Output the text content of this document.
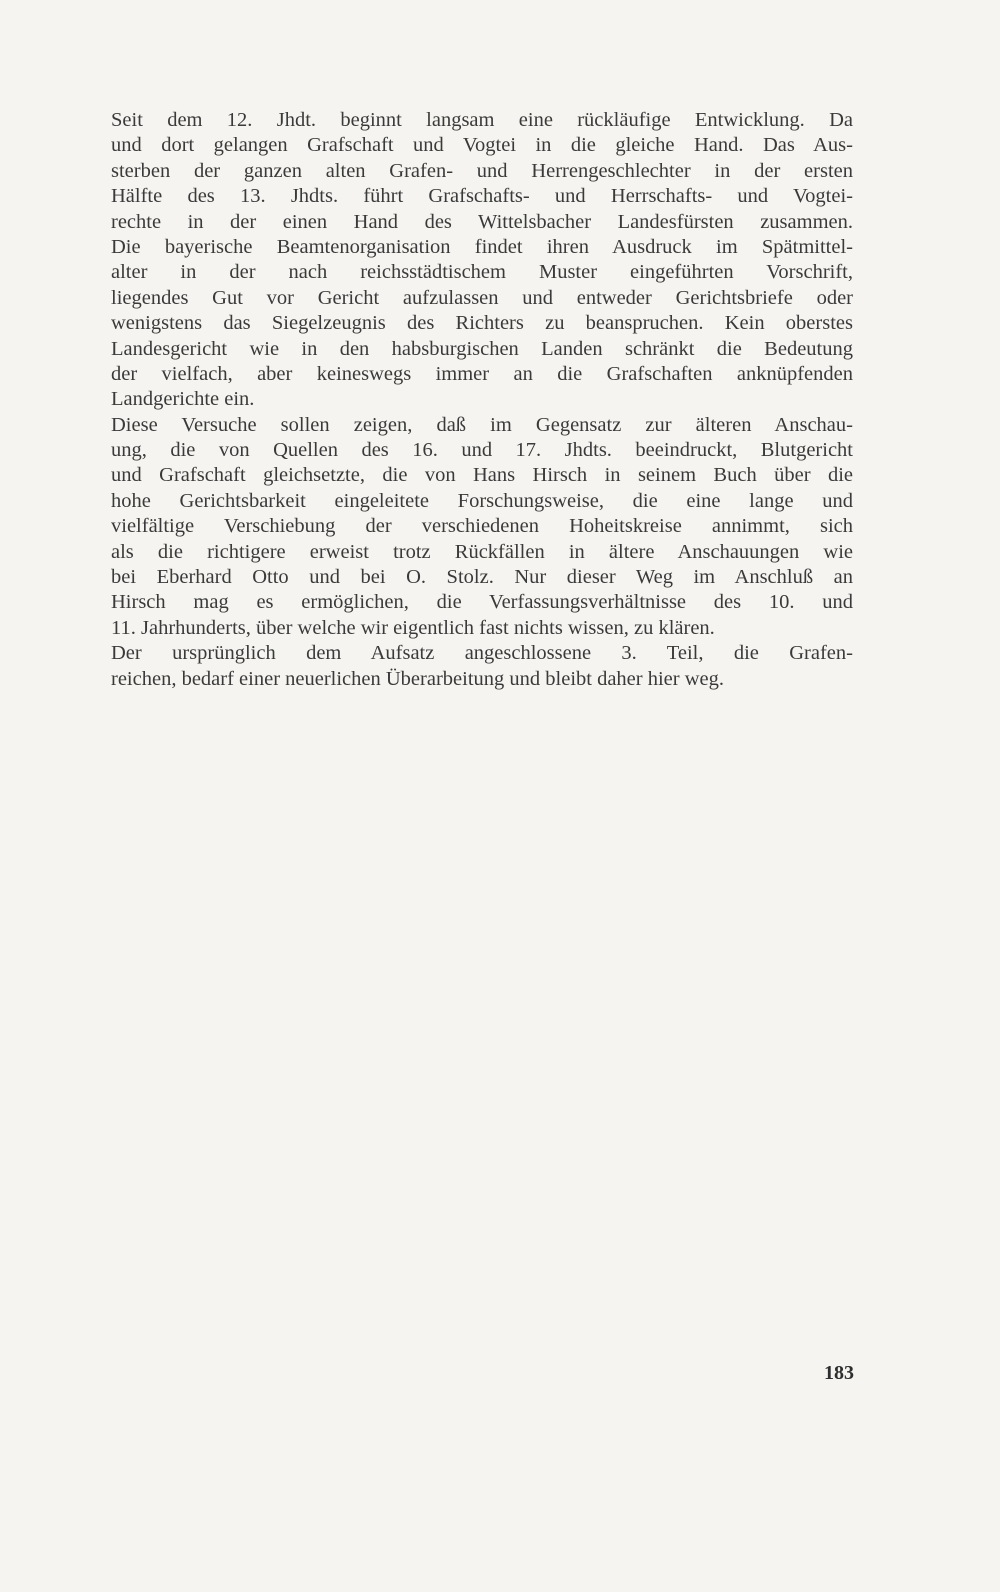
Seit dem 12. Jhdt. beginnt langsam eine rückläufige Entwicklung. Da
und dort gelangen Grafschaft und Vogtei in die gleiche Hand. Das Aus-
sterben der ganzen alten Grafen- und Herrengeschlechter in der ersten
Hälfte des 13. Jhdts. führt Grafschafts- und Herrschafts- und Vogtei-
rechte in der einen Hand des Wittelsbacher Landesfürsten zusammen.
Die bayerische Beamtenorganisation findet ihren Ausdruck im Spätmittel-
alter in der nach reichsstädtischem Muster eingeführten Vorschrift,
liegendes Gut vor Gericht aufzulassen und entweder Gerichtsbriefe oder
wenigstens das Siegelzeugnis des Richters zu beanspruchen. Kein oberstes
Landesgericht wie in den habsburgischen Landen schränkt die Bedeutung
der vielfach, aber keineswegs immer an die Grafschaften anknüpfenden
Landgerichte ein.
Diese Versuche sollen zeigen, daß im Gegensatz zur älteren Anschau-
ung, die von Quellen des 16. und 17. Jhdts. beeindruckt, Blutgericht
und Grafschaft gleichsetzte, die von Hans Hirsch in seinem Buch über die
hohe Gerichtsbarkeit eingeleitete Forschungsweise, die eine lange und
vielfältige Verschiebung der verschiedenen Hoheitskreise annimmt, sich
als die richtigere erweist trotz Rückfällen in ältere Anschauungen wie
bei Eberhard Otto und bei O. Stolz. Nur dieser Weg im Anschluß an
Hirsch mag es ermöglichen, die Verfassungsverhältnisse des 10. und
11. Jahrhunderts, über welche wir eigentlich fast nichts wissen, zu klären.
Der ursprünglich dem Aufsatz angeschlossene 3. Teil, die Grafen-
reichen, bedarf einer neuerlichen Überarbeitung und bleibt daher hier weg.
183
